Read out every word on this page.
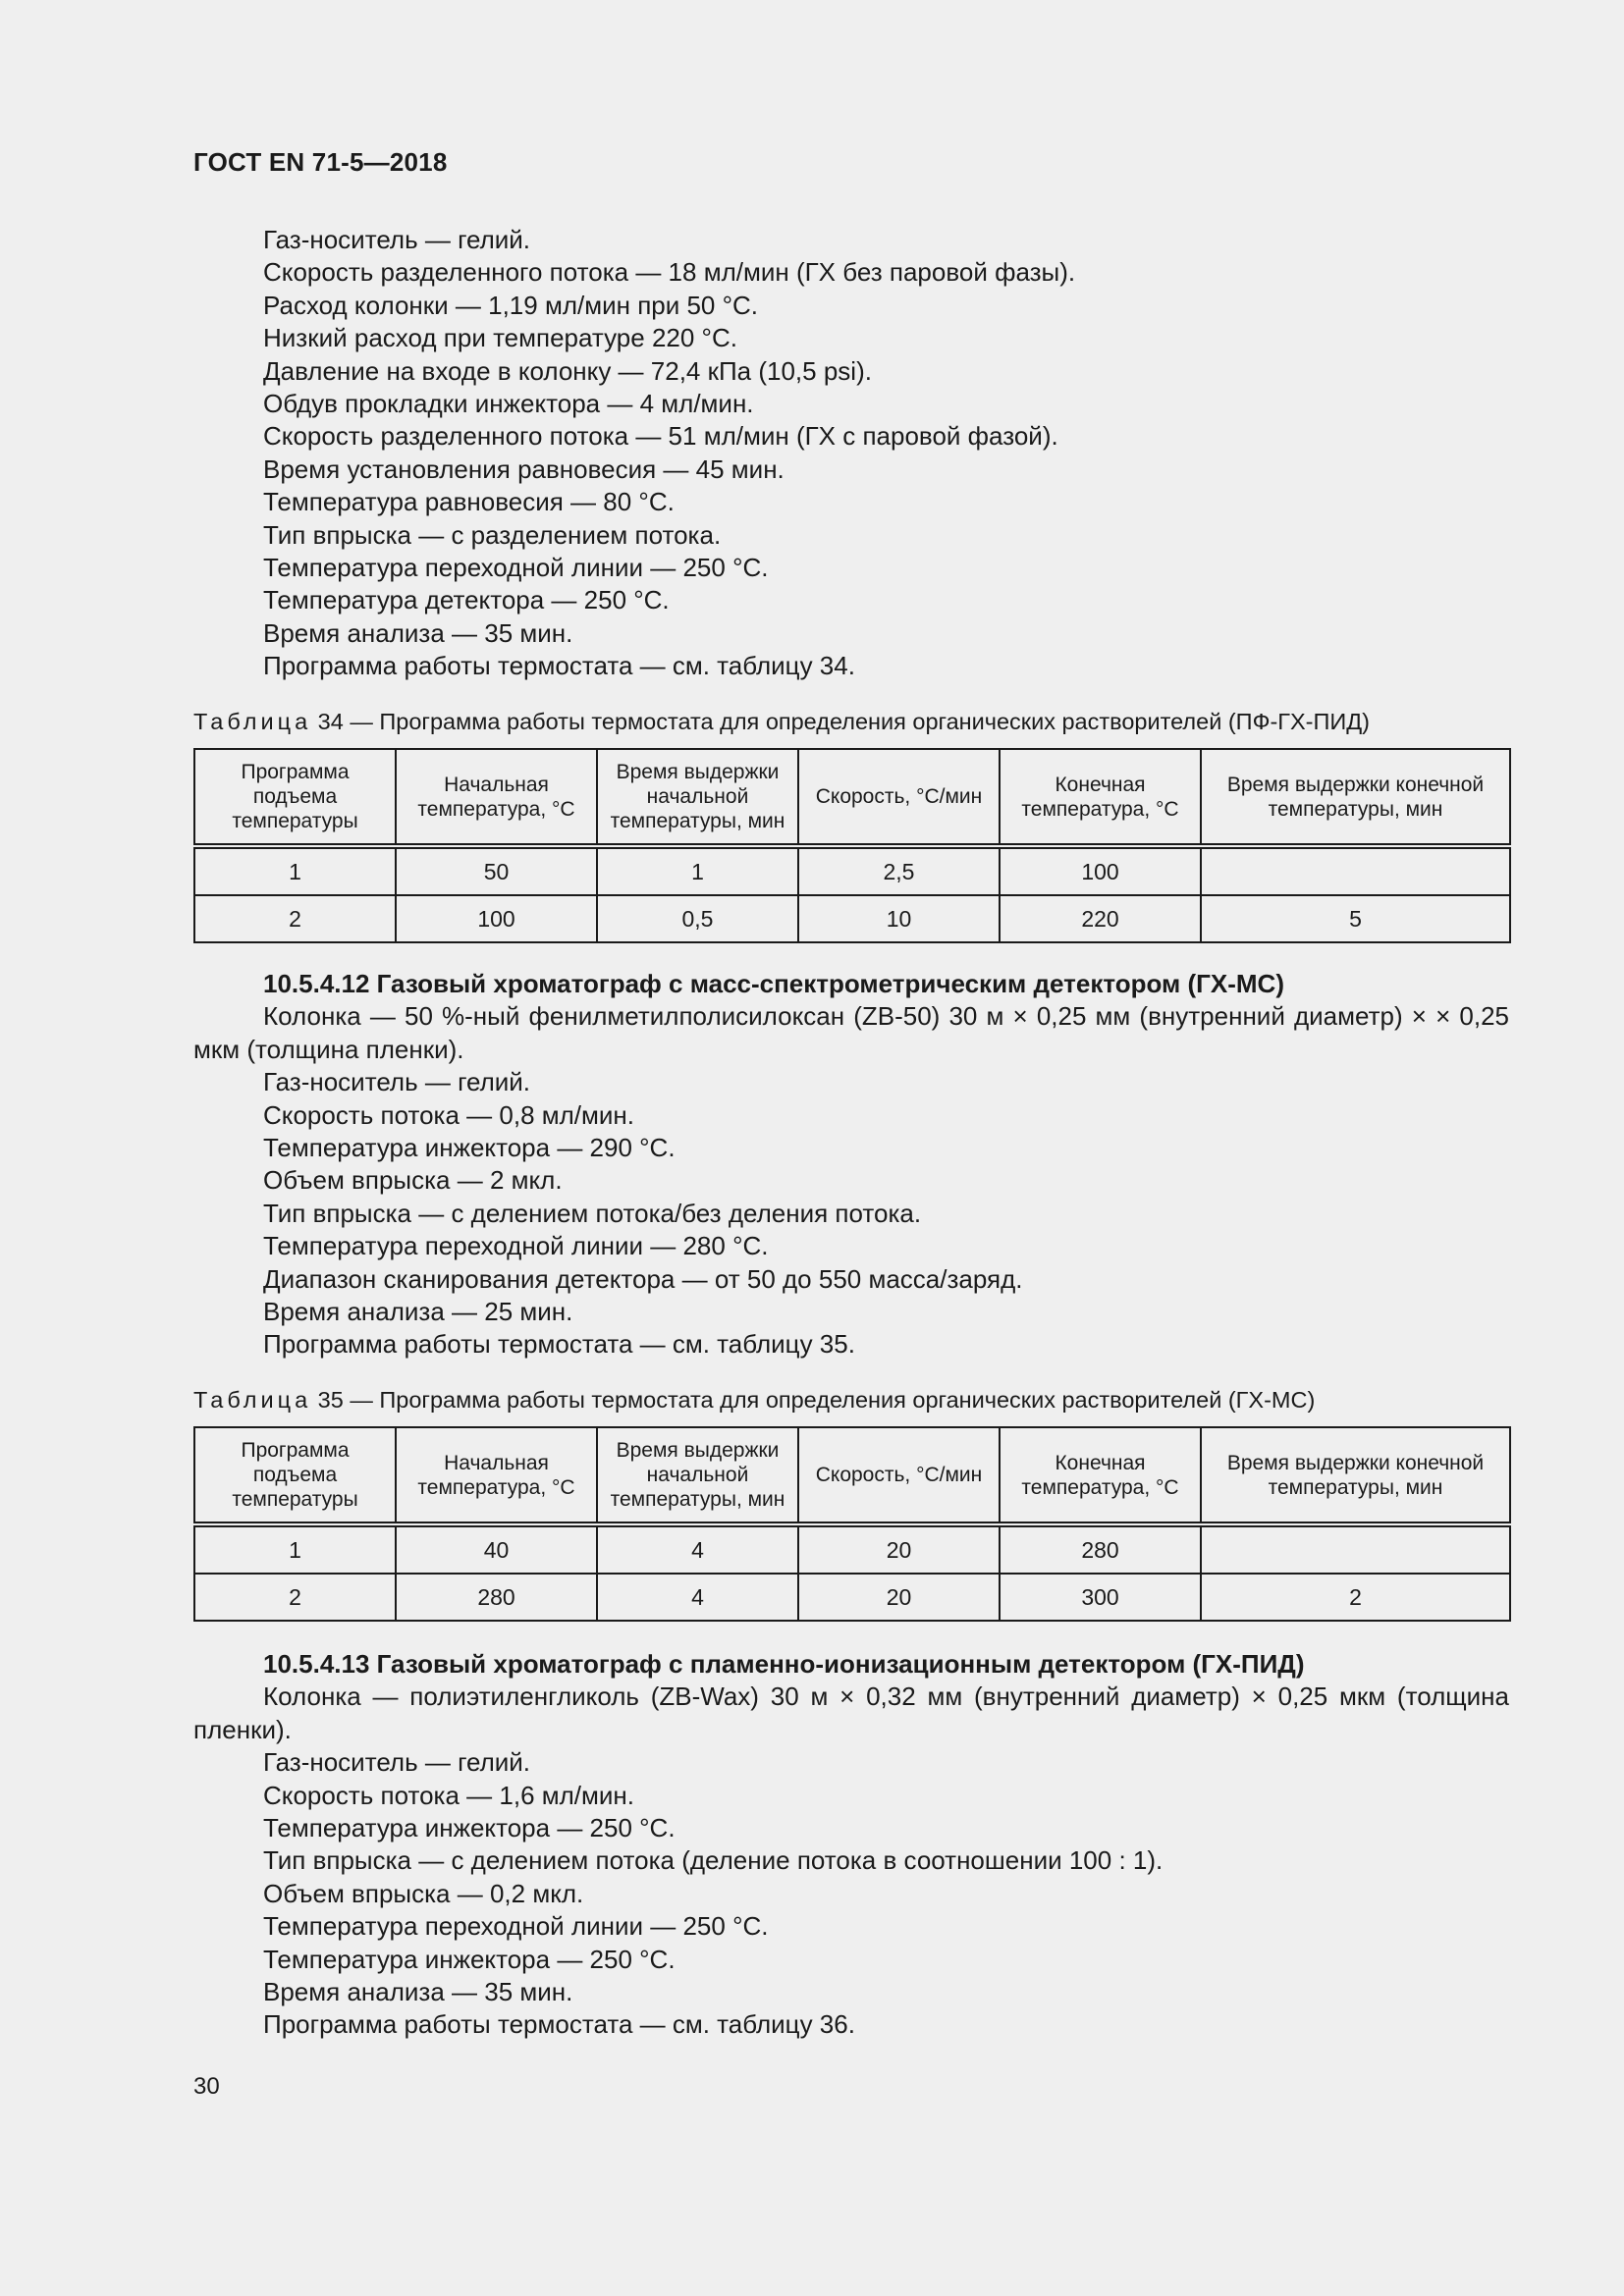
ГОСТ EN 71-5—2018

Газ-носитель — гелий.

Скорость разделенного потока — 18 мл/мин (ГХ без паровой фазы).

Расход колонки — 1,19 мл/мин при 50 °С.

Низкий расход при температуре 220 °С.

Давление на входе в колонку — 72,4 кПа (10,5 psi).

Обдув прокладки инжектора — 4 мл/мин.

Скорость разделенного потока — 51 мл/мин (ГХ с паровой фазой).

Время установления равновесия — 45 мин.

Температура равновесия — 80 °С.

Тип впрыска — с разделением потока.

Температура переходной линии — 250 °С.

Температура детектора — 250 °С.

Время анализа — 35 мин.

Программа работы термостата — см. таблицу 34.

Таблица 34 — Программа работы термостата для определения органических растворителей (ПФ-ГХ-ПИД)
Программа подъема температуры	Начальная температура, °С	Время выдержки начальной температуры, мин	Скорость, °С/мин	Конечная температура, °С	Время выдержки конечной температуры, мин
1	50	1	2,5	100	
2	100	0,5	10	220	5

10.5.4.12 Газовый хроматограф с масс-спектрометрическим детектором (ГХ-МС)

Колонка — 50 %-ный фенилметилполисилоксан (ZB-50) 30 м × 0,25 мм (внутренний диаметр) × × 0,25 мкм (толщина пленки).

Газ-носитель — гелий.

Скорость потока — 0,8 мл/мин.

Температура инжектора — 290 °С.

Объем впрыска — 2 мкл.

Тип впрыска — с делением потока/без деления потока.

Температура переходной линии — 280 °С.

Диапазон сканирования детектора — от 50 до 550 масса/заряд.

Время анализа — 25 мин.

Программа работы термостата — см. таблицу 35.

Таблица 35 — Программа работы термостата для определения органических растворителей (ГХ-МС)
Программа подъема температуры	Начальная температура, °С	Время выдержки начальной температуры, мин	Скорость, °С/мин	Конечная температура, °С	Время выдержки конечной температуры, мин
1	40	4	20	280	
2	280	4	20	300	2

10.5.4.13 Газовый хроматограф с пламенно-ионизационным детектором (ГХ-ПИД)

Колонка — полиэтиленгликоль (ZB-Wax) 30 м × 0,32 мм (внутренний диаметр) × 0,25 мкм (толщина пленки).

Газ-носитель — гелий.

Скорость потока — 1,6 мл/мин.

Температура инжектора — 250 °С.

Тип впрыска — с делением потока (деление потока в соотношении 100 : 1).

Объем впрыска — 0,2 мкл.

Температура переходной линии — 250 °С.

Температура инжектора — 250 °С.

Время анализа — 35 мин.

Программа работы термостата — см. таблицу 36.

30
